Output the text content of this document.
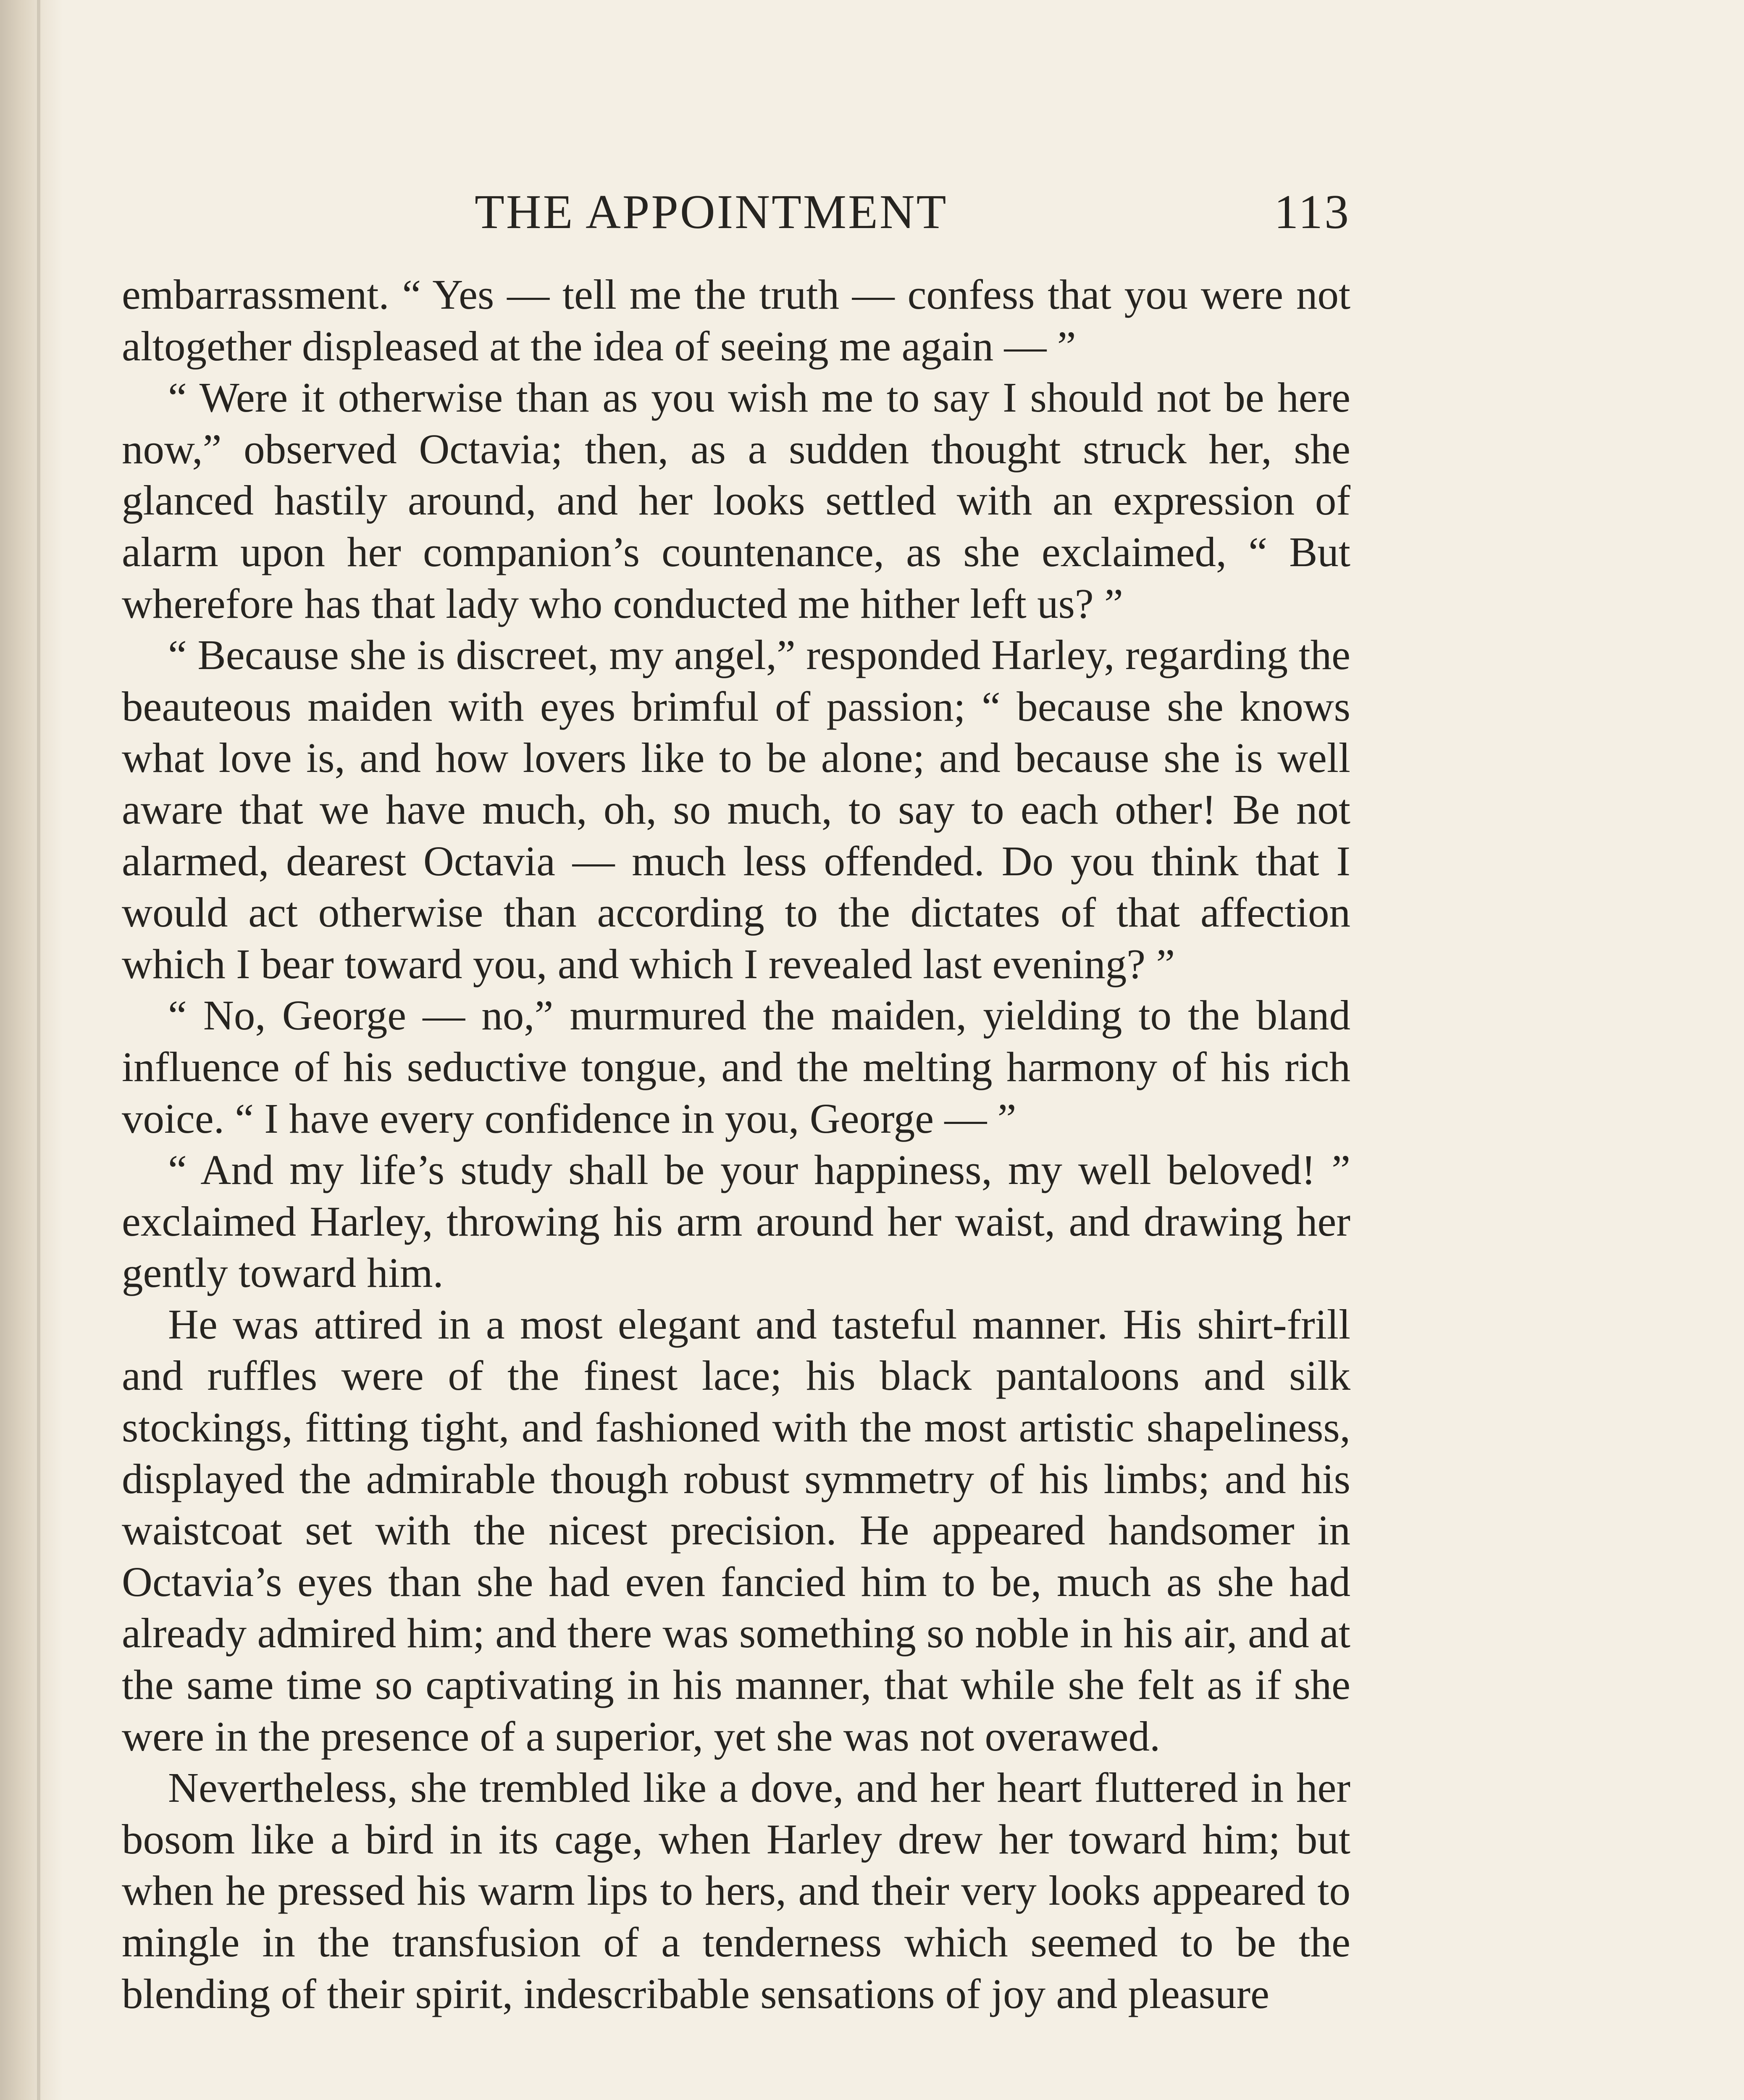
THE APPOINTMENT	113

embarrassment. “ Yes — tell me the truth — confess that you were not altogether displeased at the idea of seeing me again — ”

“ Were it otherwise than as you wish me to say I should not be here now,” observed Octavia; then, as a sudden thought struck her, she glanced hastily around, and her looks settled with an expression of alarm upon her companion’s countenance, as she exclaimed, “ But wherefore has that lady who conducted me hither left us? ”

“ Because she is discreet, my angel,” responded Harley, regarding the beauteous maiden with eyes brimful of passion; “ because she knows what love is, and how lovers like to be alone; and because she is well aware that we have much, oh, so much, to say to each other! Be not alarmed, dearest Octavia — much less offended. Do you think that I would act otherwise than according to the dictates of that affection which I bear toward you, and which I revealed last evening? ”

“ No, George — no,” murmured the maiden, yielding to the bland influence of his seductive tongue, and the melting harmony of his rich voice. “ I have every confidence in you, George — ”

“ And my life’s study shall be your happiness, my well beloved! ” exclaimed Harley, throwing his arm around her waist, and drawing her gently toward him.

He was attired in a most elegant and tasteful manner. His shirt-frill and ruffles were of the finest lace; his black pantaloons and silk stockings, fitting tight, and fashioned with the most artistic shapeliness, displayed the admirable though robust symmetry of his limbs; and his waistcoat set with the nicest precision. He appeared handsomer in Octavia’s eyes than she had even fancied him to be, much as she had already admired him; and there was something so noble in his air, and at the same time so captivating in his manner, that while she felt as if she were in the presence of a superior, yet she was not overawed.

Nevertheless, she trembled like a dove, and her heart fluttered in her bosom like a bird in its cage, when Harley drew her toward him; but when he pressed his warm lips to hers, and their very looks appeared to mingle in the transfusion of a tenderness which seemed to be the blending of their spirit, indescribable sensations of joy and pleasure
